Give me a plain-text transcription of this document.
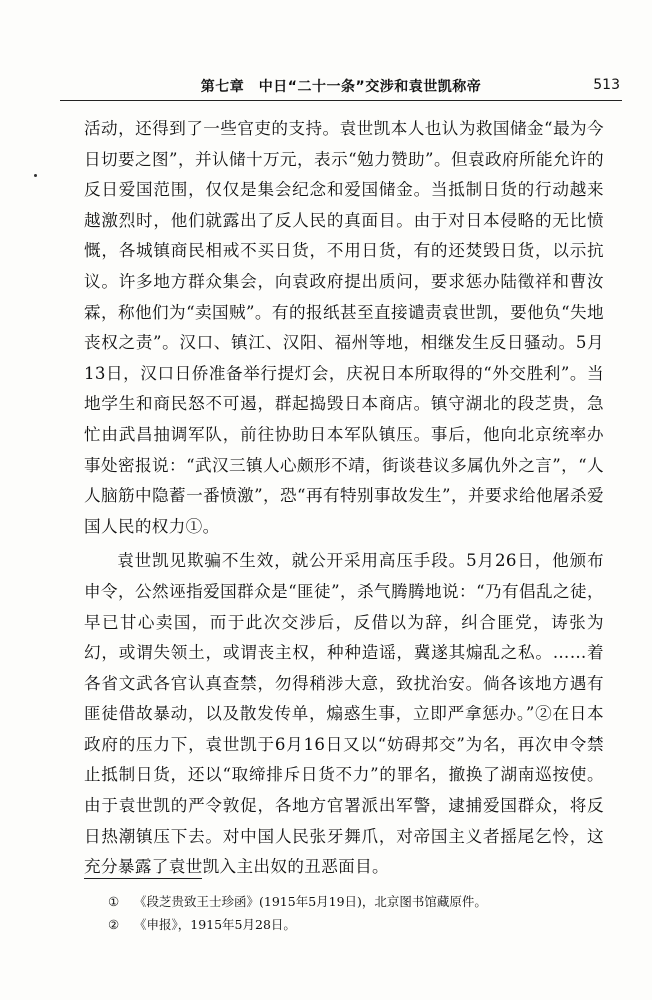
第七章　中日“二十一条”交涉和袁世凯称帝	513

活动，还得到了一些官吏的支持。袁世凯本人也认为救国储金“最为今日切要之图”，并认储十万元，表示“勉力赞助”。但袁政府所能允许的反日爱国范围，仅仅是集会纪念和爱国储金。当抵制日货的行动越来越激烈时，他们就露出了反人民的真面目。由于对日本侵略的无比愤慨，各城镇商民相戒不买日货，不用日货，有的还焚毁日货，以示抗议。许多地方群众集会，向袁政府提出质问，要求惩办陆徵祥和曹汝霖，称他们为“卖国贼”。有的报纸甚至直接谴责袁世凯，要他负“失地丧权之责”。汉口、镇江、汉阳、福州等地，相继发生反日骚动。5月13日，汉口日侨准备举行提灯会，庆祝日本所取得的“外交胜利”。当地学生和商民怒不可遏，群起捣毁日本商店。镇守湖北的段芝贵，急忙由武昌抽调军队，前往协助日本军队镇压。事后，他向北京统率办事处密报说：“武汉三镇人心颇形不靖，街谈巷议多属仇外之言”，“人人脑筋中隐蓄一番愤激”，恐“再有特别事故发生”，并要求给他屠杀爱国人民的权力①。

袁世凯见欺骗不生效，就公开采用高压手段。5月26日，他颁布申令，公然诬指爱国群众是“匪徒”，杀气腾腾地说：“乃有倡乱之徒，早已甘心卖国，而于此次交涉后，反借以为辞，纠合匪党，诪张为幻，或谓失领土，或谓丧主权，种种造谣，冀遂其煽乱之私。……着各省文武各官认真查禁，勿得稍涉大意，致扰治安。倘各该地方遇有匪徒借故暴动，以及散发传单，煽惑生事，立即严拿惩办。”②在日本政府的压力下，袁世凯于6月16日又以“妨碍邦交”为名，再次申令禁止抵制日货，还以“取缔排斥日货不力”的罪名，撤换了湖南巡按使。由于袁世凯的严令敦促，各地方官署派出军警，逮捕爱国群众，将反日热潮镇压下去。对中国人民张牙舞爪，对帝国主义者摇尾乞怜，这充分暴露了袁世凯入主出奴的丑恶面目。

① 《段芝贵致王士珍函》(1915年5月19日)，北京图书馆藏原件。

② 《申报》，1915年5月28日。
